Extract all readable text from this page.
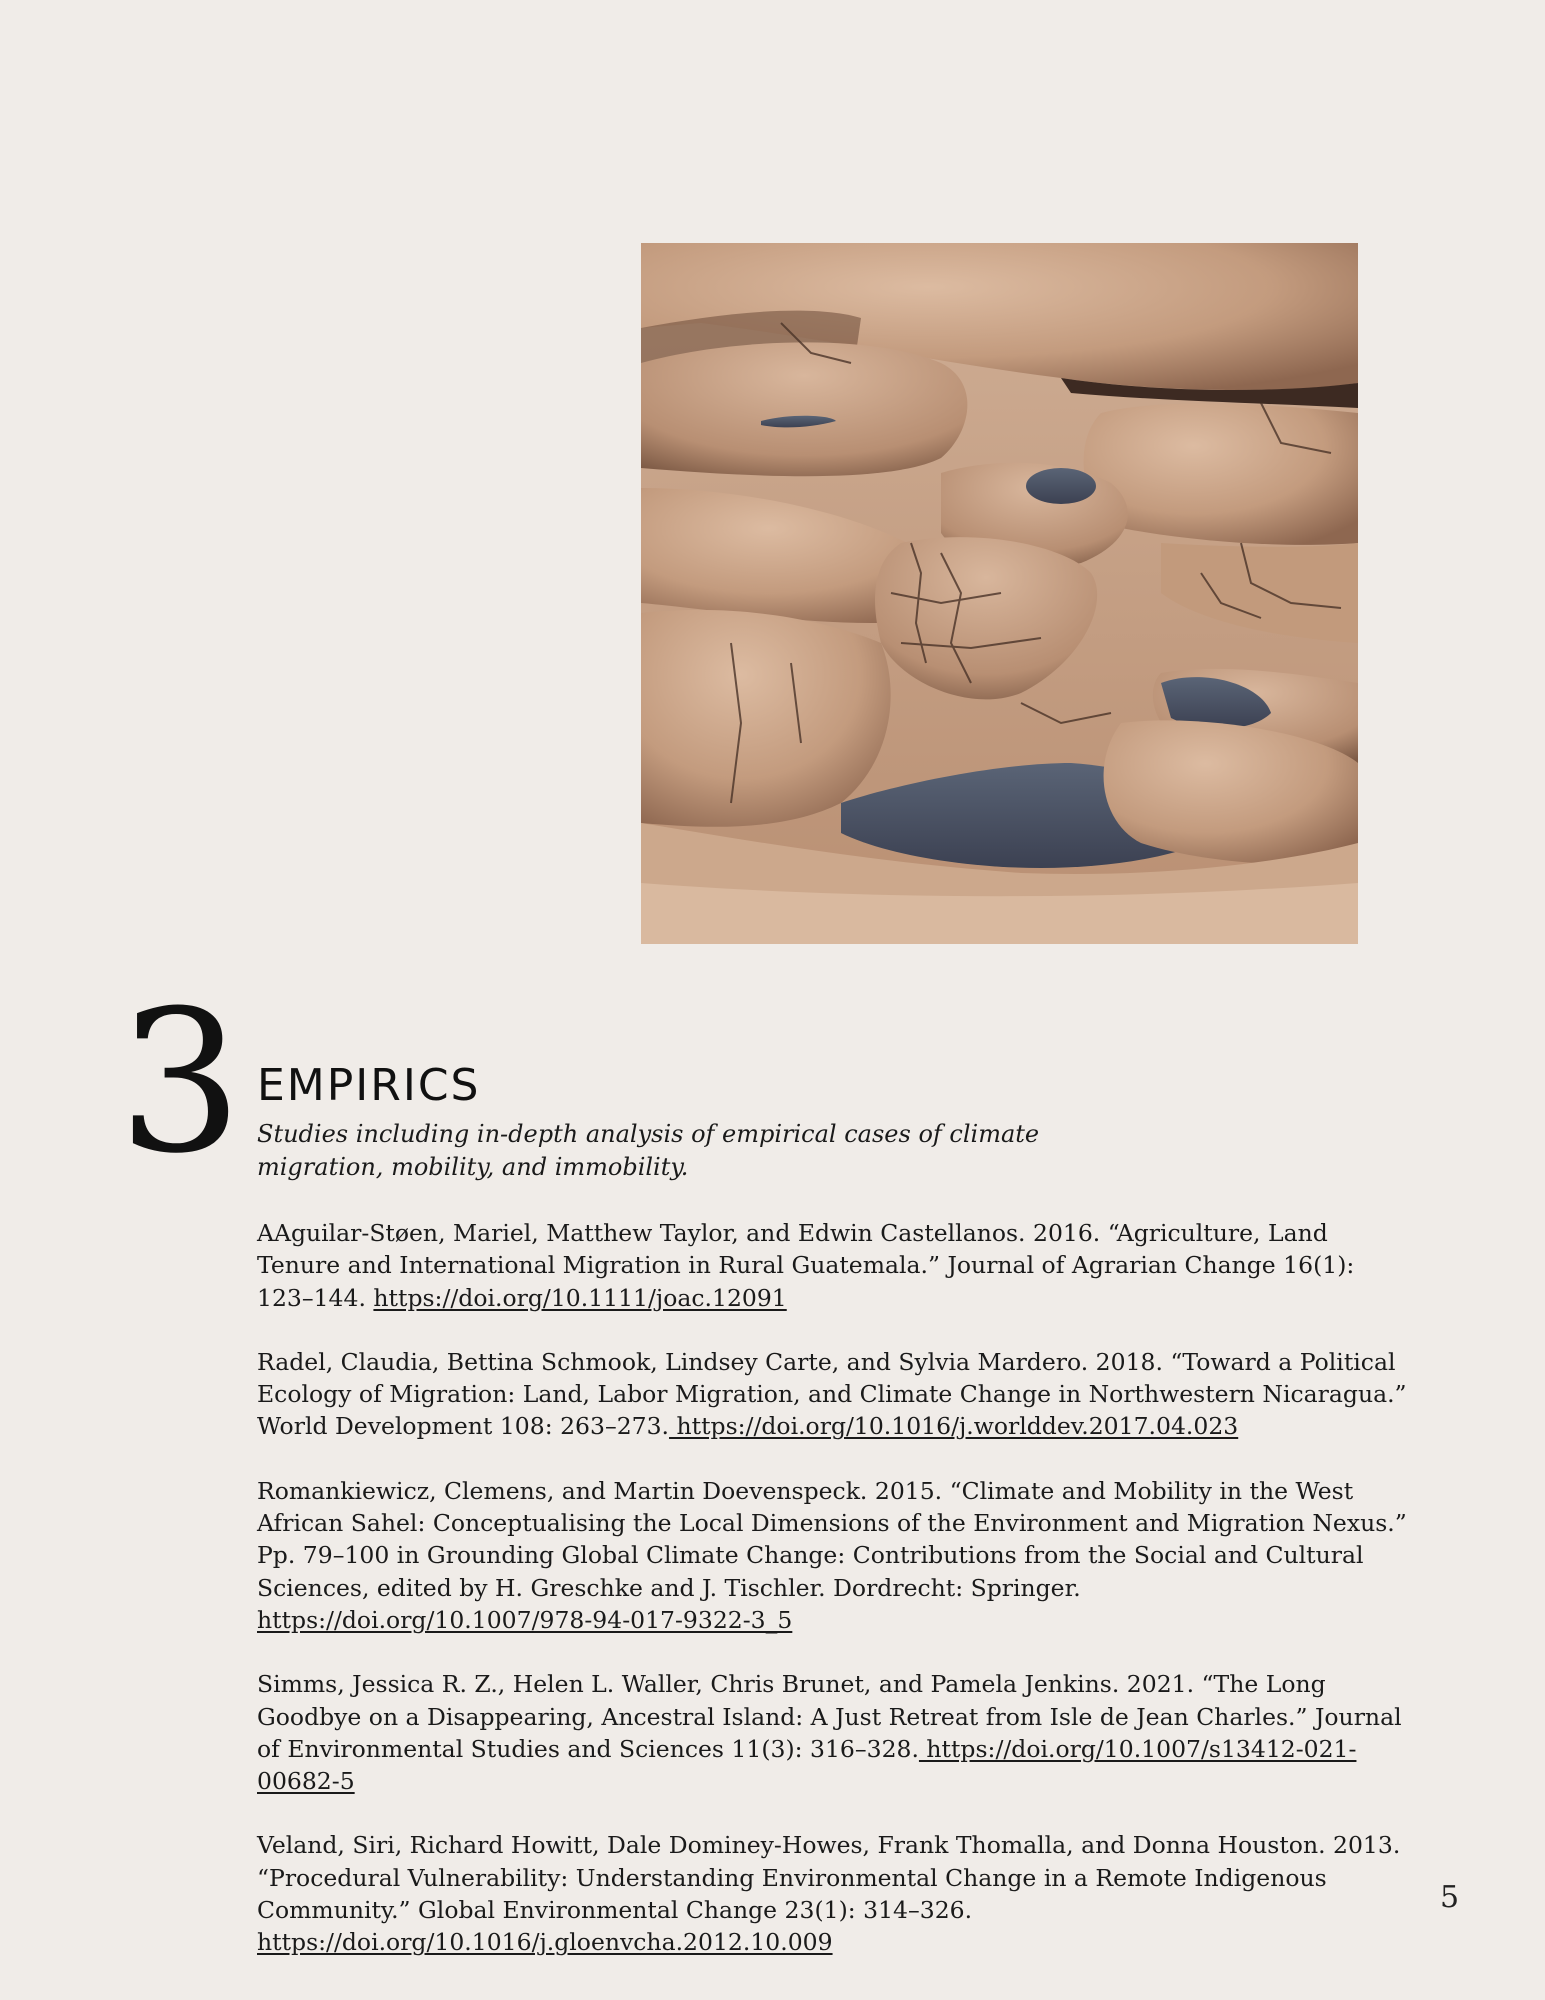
3 EMPIRICS

Studies including in-depth analysis of empirical cases of climate migration, mobility, and immobility.

AAguilar-Støen, Mariel, Matthew Taylor, and Edwin Castellanos. 2016. “Agriculture, Land Tenure and International Migration in Rural Guatemala.” Journal of Agrarian Change 16(1): 123–144. https://doi.org/10.1111/joac.12091

Radel, Claudia, Bettina Schmook, Lindsey Carte, and Sylvia Mardero. 2018. “Toward a Political Ecology of Migration: Land, Labor Migration, and Climate Change in Northwestern Nicaragua.” World Development 108: 263–273. https://doi.org/10.1016/j.worlddev.2017.04.023

Romankiewicz, Clemens, and Martin Doevenspeck. 2015. “Climate and Mobility in the West African Sahel: Conceptualising the Local Dimensions of the Environment and Migration Nexus.” Pp. 79–100 in Grounding Global Climate Change: Contributions from the Social and Cultural Sciences, edited by H. Greschke and J. Tischler. Dordrecht: Springer. https://doi.org/10.1007/978-94-017-9322-3_5

Simms, Jessica R. Z., Helen L. Waller, Chris Brunet, and Pamela Jenkins. 2021. “The Long Goodbye on a Disappearing, Ancestral Island: A Just Retreat from Isle de Jean Charles.” Journal of Environmental Studies and Sciences 11(3): 316–328. https://doi.org/10.1007/s13412-021-00682-5

Veland, Siri, Richard Howitt, Dale Dominey-Howes, Frank Thomalla, and Donna Houston. 2013. “Procedural Vulnerability: Understanding Environmental Change in a Remote Indigenous Community.” Global Environmental Change 23(1): 314–326. https://doi.org/10.1016/j.gloenvcha.2012.10.009

5
